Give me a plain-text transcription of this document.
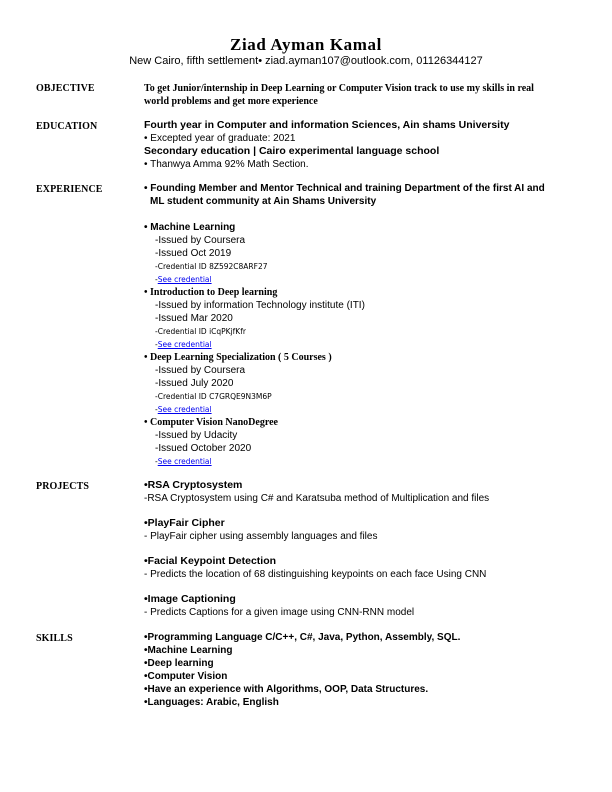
Ziad Ayman Kamal
New Cairo, fifth settlement• ziad.ayman107@outlook.com, 01126344127
OBJECTIVE	To get Junior/internship in Deep Learning or Computer Vision track to use my skills in real
world problems and get more experience
EDUCATION	Fourth year in Computer and information Sciences, Ain shams University
• Excepted year of graduate: 2021
Secondary education | Cairo experimental language school
• Thanwya Amma 92% Math Section.
EXPERIENCE	• Founding Member and Mentor Technical and training Department of the first AI and
ML student community at Ain Shams University
• Machine Learning
-Issued by Coursera
-Issued Oct 2019
-Credential ID 8Z592C8ARF27
-See credential
• Introduction to Deep learning
-Issued by information Technology institute (ITI)
-Issued Mar 2020
-Credential ID iCqPKjfKfr
-See credential
• Deep Learning Specialization ( 5 Courses )
-Issued by Coursera
-Issued July 2020
-Credential ID C7GRQE9N3M6P
-See credential
• Computer Vision NanoDegree
-Issued by Udacity
-Issued October 2020
-See credential
PROJECTS	•RSA Cryptosystem
-RSA Cryptosystem using C# and Karatsuba method of Multiplication and files
•PlayFair Cipher
- PlayFair cipher using assembly languages and files
•Facial Keypoint Detection
- Predicts the location of 68 distinguishing keypoints on each face Using CNN
•Image Captioning
- Predicts Captions for a given image using CNN-RNN model
SKILLS	•Programming Language C/C++, C#, Java, Python, Assembly, SQL.
•Machine Learning
•Deep learning
•Computer Vision
•Have an experience with Algorithms, OOP, Data Structures.
•Languages: Arabic, English
